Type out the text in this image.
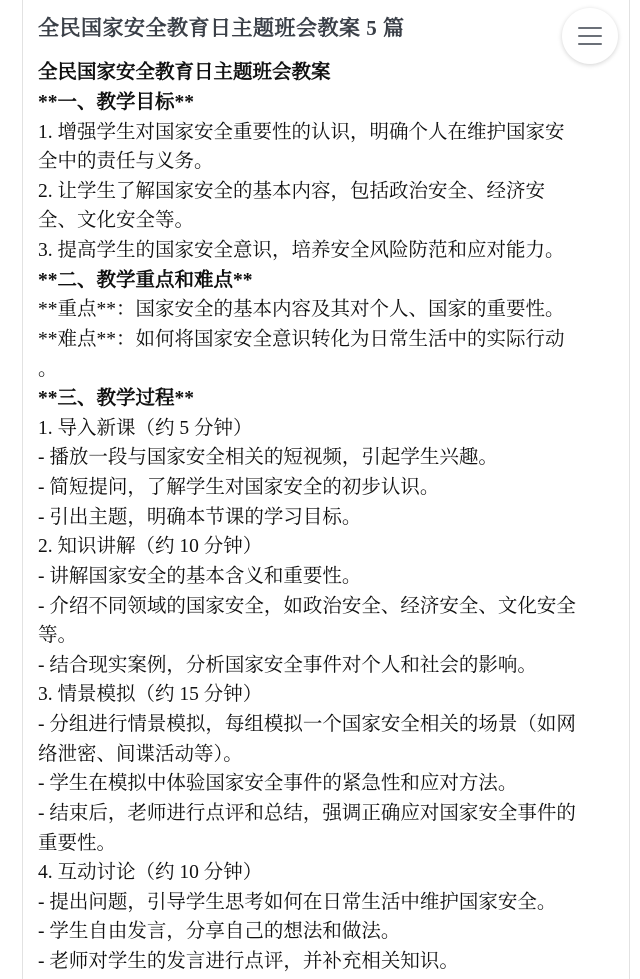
全民国家安全教育日主题班会教案 5 篇

全民国家安全教育日主题班会教案

**一、教学目标**

1. 增强学生对国家安全重要性的认识，明确个人在维护国家安

全中的责任与义务。

2. 让学生了解国家安全的基本内容，包括政治安全、经济安

全、文化安全等。

3. 提高学生的国家安全意识，培养安全风险防范和应对能力。

**二、教学重点和难点**

**重点**：国家安全的基本内容及其对个人、国家的重要性。

**难点**：如何将国家安全意识转化为日常生活中的实际行动

。

**三、教学过程**

1. 导入新课（约 5 分钟）

- 播放一段与国家安全相关的短视频，引起学生兴趣。

- 简短提问，了解学生对国家安全的初步认识。

- 引出主题，明确本节课的学习目标。

2. 知识讲解（约 10 分钟）

- 讲解国家安全的基本含义和重要性。

- 介绍不同领域的国家安全，如政治安全、经济安全、文化安全

等。

- 结合现实案例，分析国家安全事件对个人和社会的影响。

3. 情景模拟（约 15 分钟）

- 分组进行情景模拟，每组模拟一个国家安全相关的场景（如网

络泄密、间谍活动等）。

- 学生在模拟中体验国家安全事件的紧急性和应对方法。

- 结束后，老师进行点评和总结，强调正确应对国家安全事件的

重要性。

4. 互动讨论（约 10 分钟）

- 提出问题，引导学生思考如何在日常生活中维护国家安全。

- 学生自由发言，分享自己的想法和做法。

- 老师对学生的发言进行点评，并补充相关知识。
